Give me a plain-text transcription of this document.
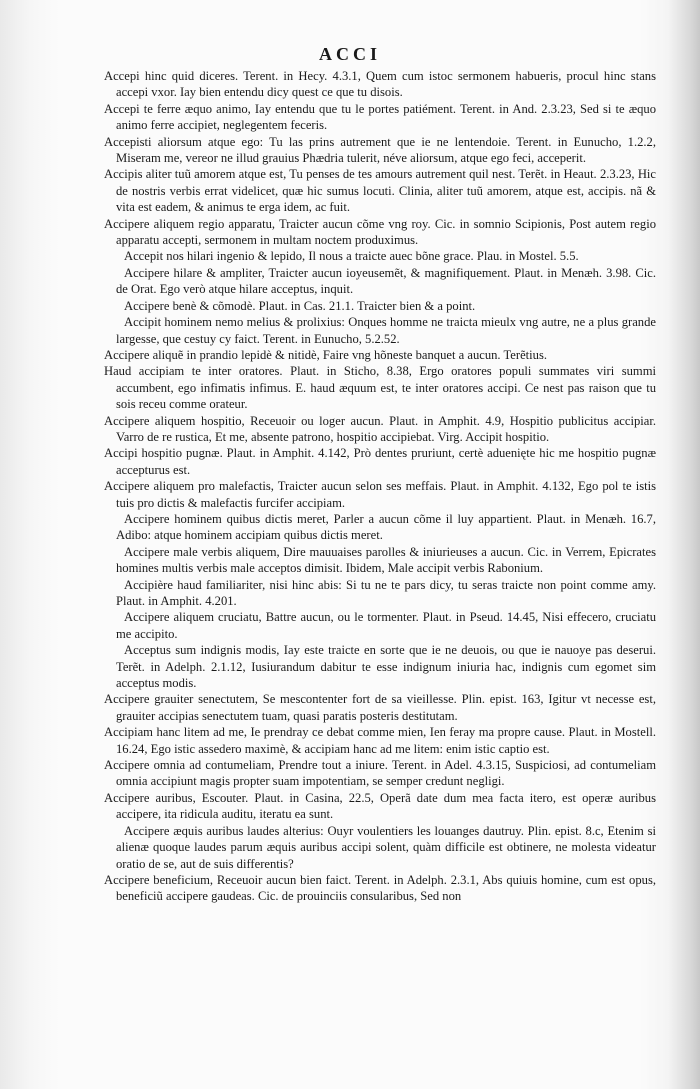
ACCI

Accepi hinc quid diceres. Terent. in Hecy. 4.3.1, Quem cum istoc sermonem habueris, procul hinc stans accepi vxor. Iay bien entendu dicy quest ce que tu disois.

Accepi te ferre æquo animo, Iay entendu que tu le portes patiément. Terent. in And. 2.3.23, Sed si te æquo animo ferre accipiet, neglegentem feceris.

Accepisti aliorsum atque ego: Tu las prins autrement que ie ne lentendoie. Terent. in Eunucho, 1.2.2, Miseram me, vereor ne illud grauius Phædria tulerit, néve aliorsum, atque ego feci, acceperit.

Accipis aliter tuũ amorem atque est, Tu penses de tes amours autrement quil nest. Terẽt. in Heaut. 2.3.23, Hic de nostris verbis errat videlicet, quæ hic sumus locuti. Clinia, aliter tuũ amorem, atque est, accipis. nã & vita est eadem, & animus te erga idem, ac fuit.

Accipere aliquem regio apparatu, Traicter aucun cõme vng roy. Cic. in somnio Scipionis, Post autem regio apparatu accepti, sermonem in multam noctem produximus.

Accepit nos hilari ingenio & lepido, Il nous a traicte auec bõne grace. Plau. in Mostel. 5.5.

Accipere hilare & ampliter, Traicter aucun ioyeusemẽt, & magnifiquement. Plaut. in Menæh. 3.98. Cic. de Orat. Ego verò atque hilare acceptus, inquit.

Accipere benè & cõmodè. Plaut. in Cas. 21.1. Traicter bien & a point.

Accipit hominem nemo melius & prolixius: Onques homme ne traicta mieulx vng autre, ne a plus grande largesse, que cestuy cy faict. Terent. in Eunucho, 5.2.52.

Accipere aliquẽ in prandio lepidè & nitidè, Faire vng hõneste banquet a aucun. Terẽtius.

Haud accipiam te inter oratores. Plaut. in Sticho, 8.38, Ergo oratores populi summates viri summi accumbent, ego infimatis infimus. E. haud æquum est, te inter oratores accipi. Ce nest pas raison que tu sois receu comme orateur.

Accipere aliquem hospitio, Receuoir ou loger aucun. Plaut. in Amphit. 4.9, Hospitio publicitus accipiar. Varro de re rustica, Et me, absente patrono, hospitio accipiebat. Virg. Accipit hospitio.

Accipi hospitio pugnæ. Plaut. in Amphit. 4.142, Prò dentes pruriunt, certè aduenięte hic me hospitio pugnæ accepturus est.

Accipere aliquem pro malefactis, Traicter aucun selon ses meffais. Plaut. in Amphit. 4.132, Ego pol te istis tuis pro dictis & malefactis furcifer accipiam.

Accipere hominem quibus dictis meret, Parler a aucun cõme il luy appartient. Plaut. in Menæh. 16.7, Adibo: atque hominem accipiam quibus dictis meret.

Accipere male verbis aliquem, Dire mauuaises parolles & iniurieuses a aucun. Cic. in Verrem, Epicrates homines multis verbis male acceptos dimisit. Ibidem, Male accipit verbis Rabonium.

Accipière haud familiariter, nisi hinc abis: Si tu ne te pars dicy, tu seras traicte non point comme amy. Plaut. in Amphit. 4.201.

Accipere aliquem cruciatu, Battre aucun, ou le tormenter. Plaut. in Pseud. 14.45, Nisi effecero, cruciatu me accipito.

Acceptus sum indignis modis, Iay este traicte en sorte que ie ne deuois, ou que ie nauoye pas deserui. Terẽt. in Adelph. 2.1.12, Iusiurandum dabitur te esse indignum iniuria hac, indignis cum egomet sim acceptus modis.

Accipere grauiter senectutem, Se mescontenter fort de sa vieillesse. Plin. epist. 163, Igitur vt necesse est, grauiter accipias senectutem tuam, quasi paratis posteris destitutam.

Accipiam hanc litem ad me, Ie prendray ce debat comme mien, Ien feray ma propre cause. Plaut. in Mostell. 16.24, Ego istic assedero maximè, & accipiam hanc ad me litem: enim istic captio est.

Accipere omnia ad contumeliam, Prendre tout a iniure. Terent. in Adel. 4.3.15, Suspiciosi, ad contumeliam omnia accipiunt magis propter suam impotentiam, se semper credunt negligi.

Accipere auribus, Escouter. Plaut. in Casina, 22.5, Operã date dum mea facta itero, est operæ auribus accipere, ita ridicula auditu, iteratu ea sunt.

Accipere æquis auribus laudes alterius: Ouyr voulentiers les louanges dautruy. Plin. epist. 8.c, Etenim si alienæ quoque laudes parum æquis auribus accipi solent, quàm difficile est obtinere, ne molesta videatur oratio de se, aut de suis differentis?

Accipere beneficium, Receuoir aucun bien faict. Terent. in Adelph. 2.3.1, Abs quiuis homine, cum est opus, beneficiũ accipere gaudeas. Cic. de prouinciis consularibus, Sed non
